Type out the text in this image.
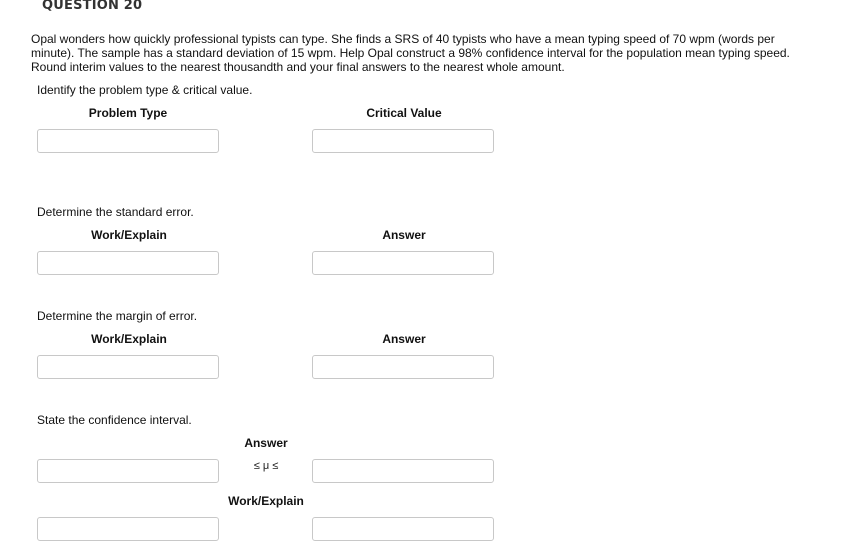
QUESTION 20
Opal wonders how quickly professional typists can type. She finds a SRS of 40 typists who have a mean typing speed of 70 wpm (words per minute). The sample has a standard deviation of 15 wpm. Help Opal construct a 98% confidence interval for the population mean typing speed. Round interim values to the nearest thousandth and your final answers to the nearest whole amount.
Identify the problem type & critical value.
Problem Type	Critical Value
Determine the standard error.
Work/Explain	Answer
Determine the margin of error.
Work/Explain	Answer
State the confidence interval.
Answer
≤ μ ≤
Work/Explain
